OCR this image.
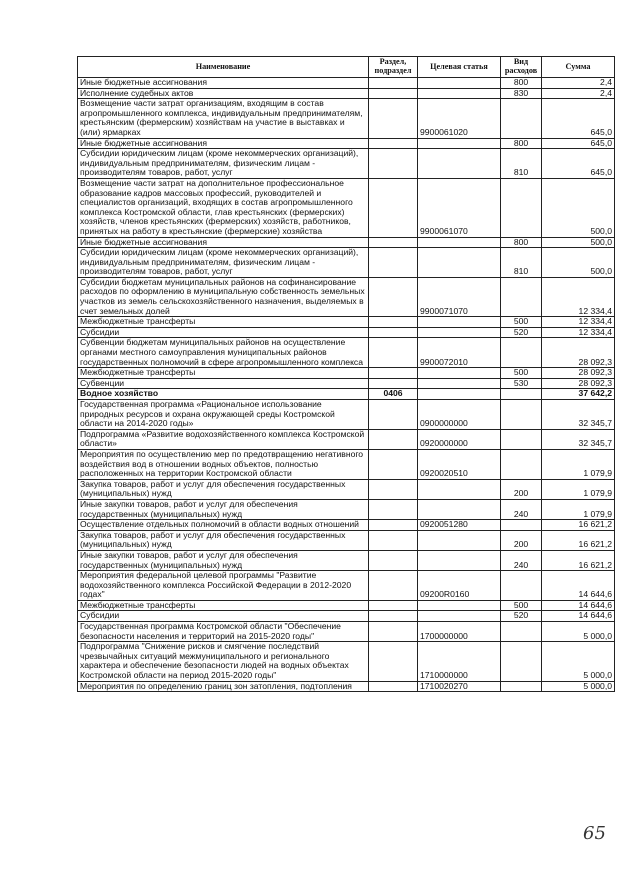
Наименование	Раздел, подраздел	Целевая статья	Вид расходов	Сумма
Иные бюджетные ассигнования			800	2,4
Исполнение судебных актов			830	2,4
Возмещение части затрат организациям, входящим в состав агропромышленного комплекса, индивидуальным предпринимателям, крестьянским (фермерским) хозяйствам на участие в выставках и (или) ярмарках		9900061020		645,0
Иные бюджетные ассигнования			800	645,0
Субсидии юридическим лицам (кроме некоммерческих организаций), индивидуальным предпринимателям, физическим лицам - производителям товаров, работ, услуг			810	645,0
Возмещение части затрат на дополнительное профессиональное образование кадров массовых профессий, руководителей и специалистов организаций, входящих в состав агропромышленного комплекса Костромской области, глав крестьянских (фермерских) хозяйств, членов крестьянских (фермерских) хозяйств, работников, принятых на работу в крестьянские (фермерские) хозяйства		9900061070		500,0
Иные бюджетные ассигнования			800	500,0
Субсидии юридическим лицам (кроме некоммерческих организаций), индивидуальным предпринимателям, физическим лицам - производителям товаров, работ, услуг			810	500,0
Субсидии бюджетам муниципальных районов на софинансирование расходов по оформлению в муниципальную собственность земельных участков из земель сельскохозяйственного назначения, выделяемых в счет земельных долей		9900071070		12 334,4
Межбюджетные трансферты			500	12 334,4
Субсидии			520	12 334,4
Субвенции бюджетам муниципальных районов на осуществление органами местного самоуправления муниципальных районов государственных полномочий в сфере агропромышленного комплекса		9900072010		28 092,3
Межбюджетные трансферты			500	28 092,3
Субвенции			530	28 092,3
Водное хозяйство	0406			37 642,2
Государственная программа «Рациональное использование природных ресурсов и охрана окружающей среды Костромской области на 2014-2020 годы»		0900000000		32 345,7
Подпрограмма «Развитие водохозяйственного комплекса Костромской области»		0920000000		32 345,7
Мероприятия по осуществлению мер по предотвращению негативного воздействия вод в отношении водных объектов, полностью расположенных на территории Костромской области		0920020510		1 079,9
Закупка товаров, работ и услуг для обеспечения государственных (муниципальных) нужд			200	1 079,9
Иные закупки товаров, работ и услуг для обеспечения государственных (муниципальных) нужд			240	1 079,9
Осуществление отдельных полномочий в области водных отношений		0920051280		16 621,2
Закупка товаров, работ и услуг для обеспечения государственных (муниципальных) нужд			200	16 621,2
Иные закупки товаров, работ и услуг для обеспечения государственных (муниципальных) нужд			240	16 621,2
Мероприятия федеральной целевой программы "Развитие водохозяйственного комплекса Российской Федерации в 2012-2020 годах"		09200R0160		14 644,6
Межбюджетные трансферты			500	14 644,6
Субсидии			520	14 644,6
Государственная программа Костромской области "Обеспечение безопасности населения и территорий на 2015-2020 годы"		1700000000		5 000,0
Подпрограмма "Снижение рисков и смягчение последствий чрезвычайных ситуаций межмуниципального и регионального характера и обеспечение безопасности людей на водных объектах Костромской области на период 2015-2020 годы"		1710000000		5 000,0
Мероприятия по определению границ зон затопления, подтопления		1710020270		5 000,0
65
